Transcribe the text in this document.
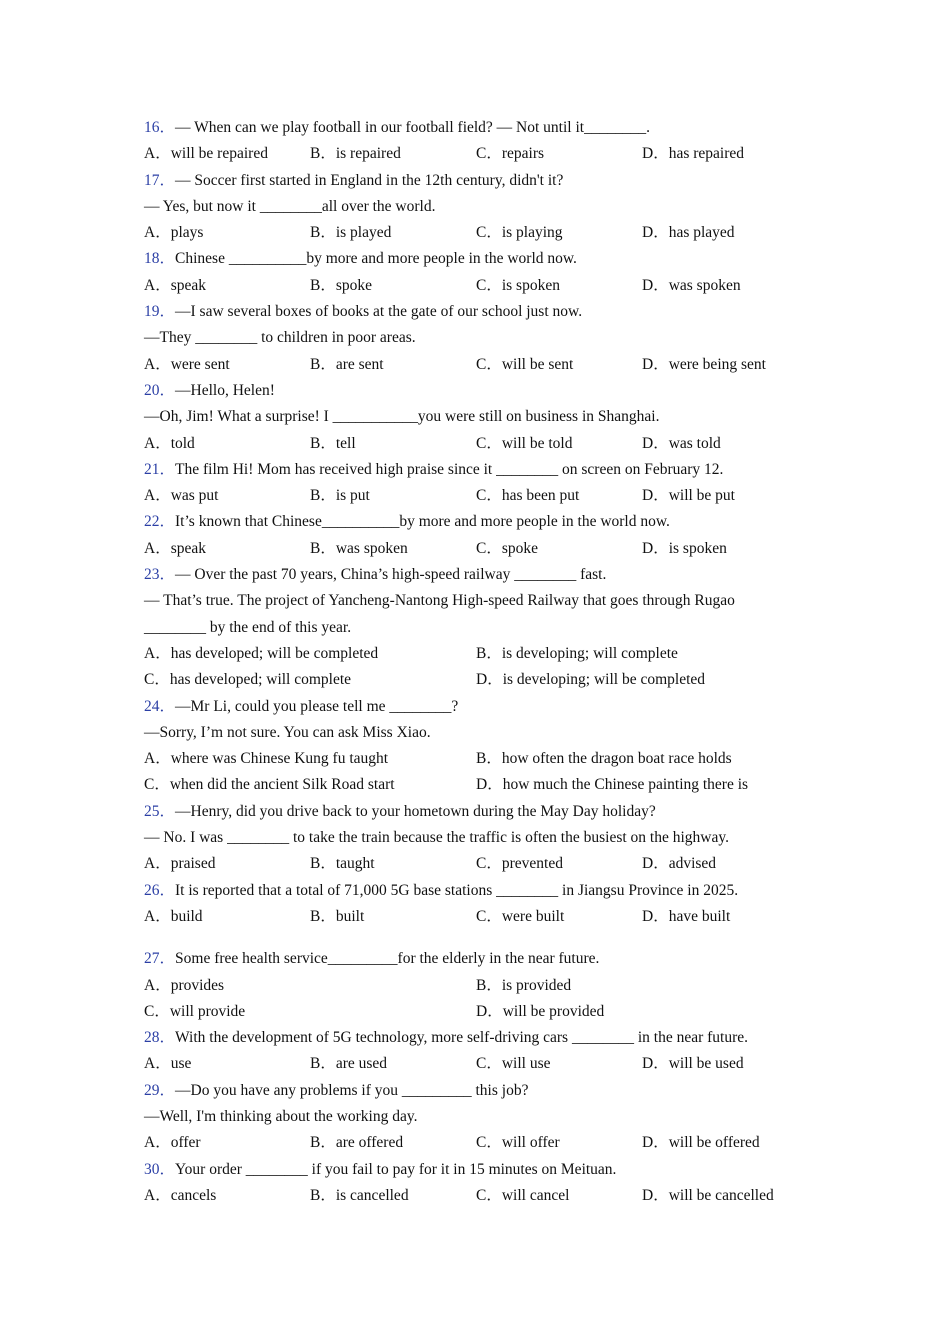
16．— When can we play football in our football field? — Not until it________.
A．will be repaired	B．is repaired	C．repairs	D．has repaired
17．— Soccer first started in England in the 12th century, didn't it?
— Yes, but now it ________all over the world.
A．plays	B．is played	C．is playing	D．has played
18．Chinese __________by more and more people in the world now.
A．speak	B．spoke	C．is spoken	D．was spoken
19．—I saw several boxes of books at the gate of our school just now.
—They ________ to children in poor areas.
A．were sent	B．are sent	C．will be sent	D．were being sent
20．—Hello, Helen!
—Oh, Jim! What a surprise! I ___________you were still on business in Shanghai.
A．told	B．tell	C．will be told	D．was told
21．The film Hi! Mom has received high praise since it ________ on screen on February 12.
A．was put	B．is put	C．has been put	D．will be put
22．It’s known that Chinese__________by more and more people in the world now.
A．speak	B．was spoken	C．spoke	D．is spoken
23．— Over the past 70 years, China’s high-speed railway ________ fast.
— That’s true. The project of Yancheng-Nantong High-speed Railway that goes through Rugao
________ by the end of this year.
A．has developed; will be completed	B．is developing; will complete
C．has developed; will complete	D．is developing; will be completed
24．—Mr Li, could you please tell me ________?
—Sorry, I’m not sure. You can ask Miss Xiao.
A．where was Chinese Kung fu taught	B．how often the dragon boat race holds
C．when did the ancient Silk Road start	D．how much the Chinese painting there is
25．—Henry, did you drive back to your hometown during the May Day holiday?
— No. I was ________ to take the train because the traffic is often the busiest on the highway.
A．praised	B．taught	C．prevented	D．advised
26．It is reported that a total of 71,000 5G base stations ________ in Jiangsu Province in 2025.
A．build	B．built	C．were built	D．have built
27．Some free health service_________for the elderly in the near future.
A．provides	B．is provided
C．will provide	D．will be provided
28．With the development of 5G technology, more self-driving cars ________ in the near future.
A．use	B．are used	C．will use	D．will be used
29．—Do you have any problems if you _________ this job?
—Well, I'm thinking about the working day.
A．offer	B．are offered	C．will offer	D．will be offered
30．Your order ________ if you fail to pay for it in 15 minutes on Meituan.
A．cancels	B．is cancelled	C．will cancel	D．will be cancelled
